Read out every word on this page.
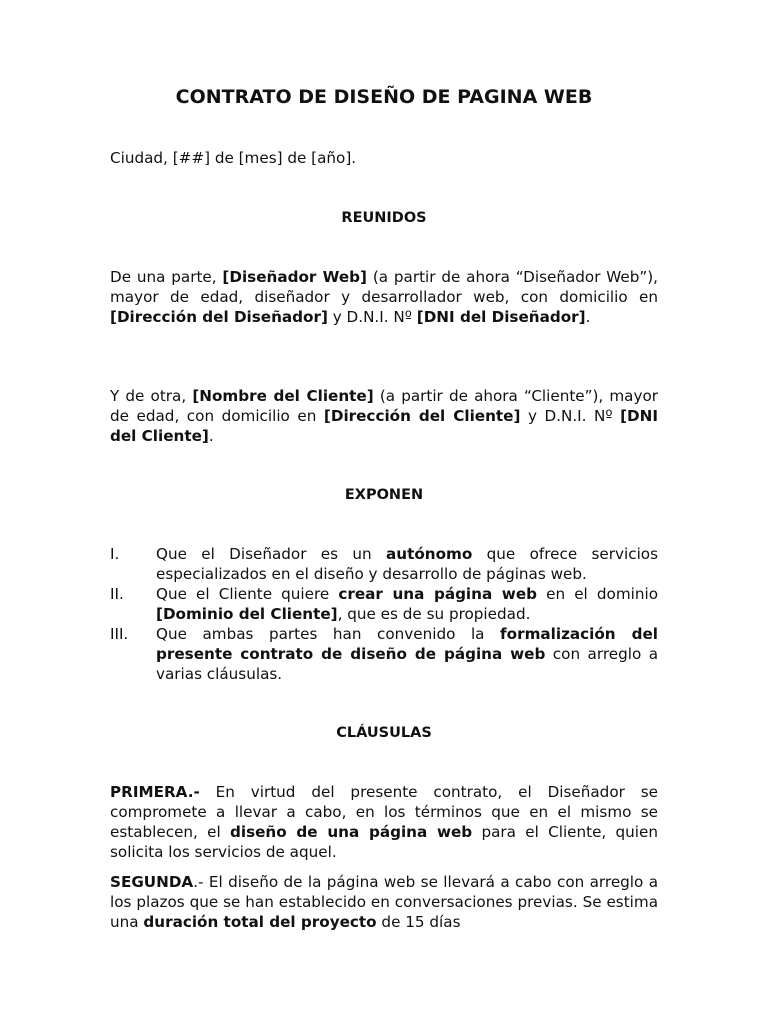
CONTRATO DE DISEÑO DE PAGINA WEB

Ciudad, [##] de [mes] de [año].

REUNIDOS

De una parte, [Diseñador Web] (a partir de ahora “Diseñador Web”), mayor de edad, diseñador y desarrollador web, con domicilio en [Dirección del Diseñador] y D.N.I. Nº [DNI del Diseñador].

Y de otra, [Nombre del Cliente] (a partir de ahora “Cliente”), mayor de edad, con domicilio en [Dirección del Cliente] y D.N.I. Nº [DNI del Cliente].

EXPONEN
I.	Que el Diseñador es un autónomo que ofrece servicios especializados en el diseño y desarrollo de páginas web.
II.	Que el Cliente quiere crear una página web en el dominio [Dominio del Cliente], que es de su propiedad.
III.	Que ambas partes han convenido la formalización del presente contrato de diseño de página web con arreglo a varias cláusulas.
CLÁUSULAS

PRIMERA.- En virtud del presente contrato, el Diseñador se compromete a llevar a cabo, en los términos que en el mismo se establecen, el diseño de una página web para el Cliente, quien solicita los servicios de aquel.

SEGUNDA.- El diseño de la página web se llevará a cabo con arreglo a los plazos que se han establecido en conversaciones previas. Se estima una duración total del proyecto de 15 días
